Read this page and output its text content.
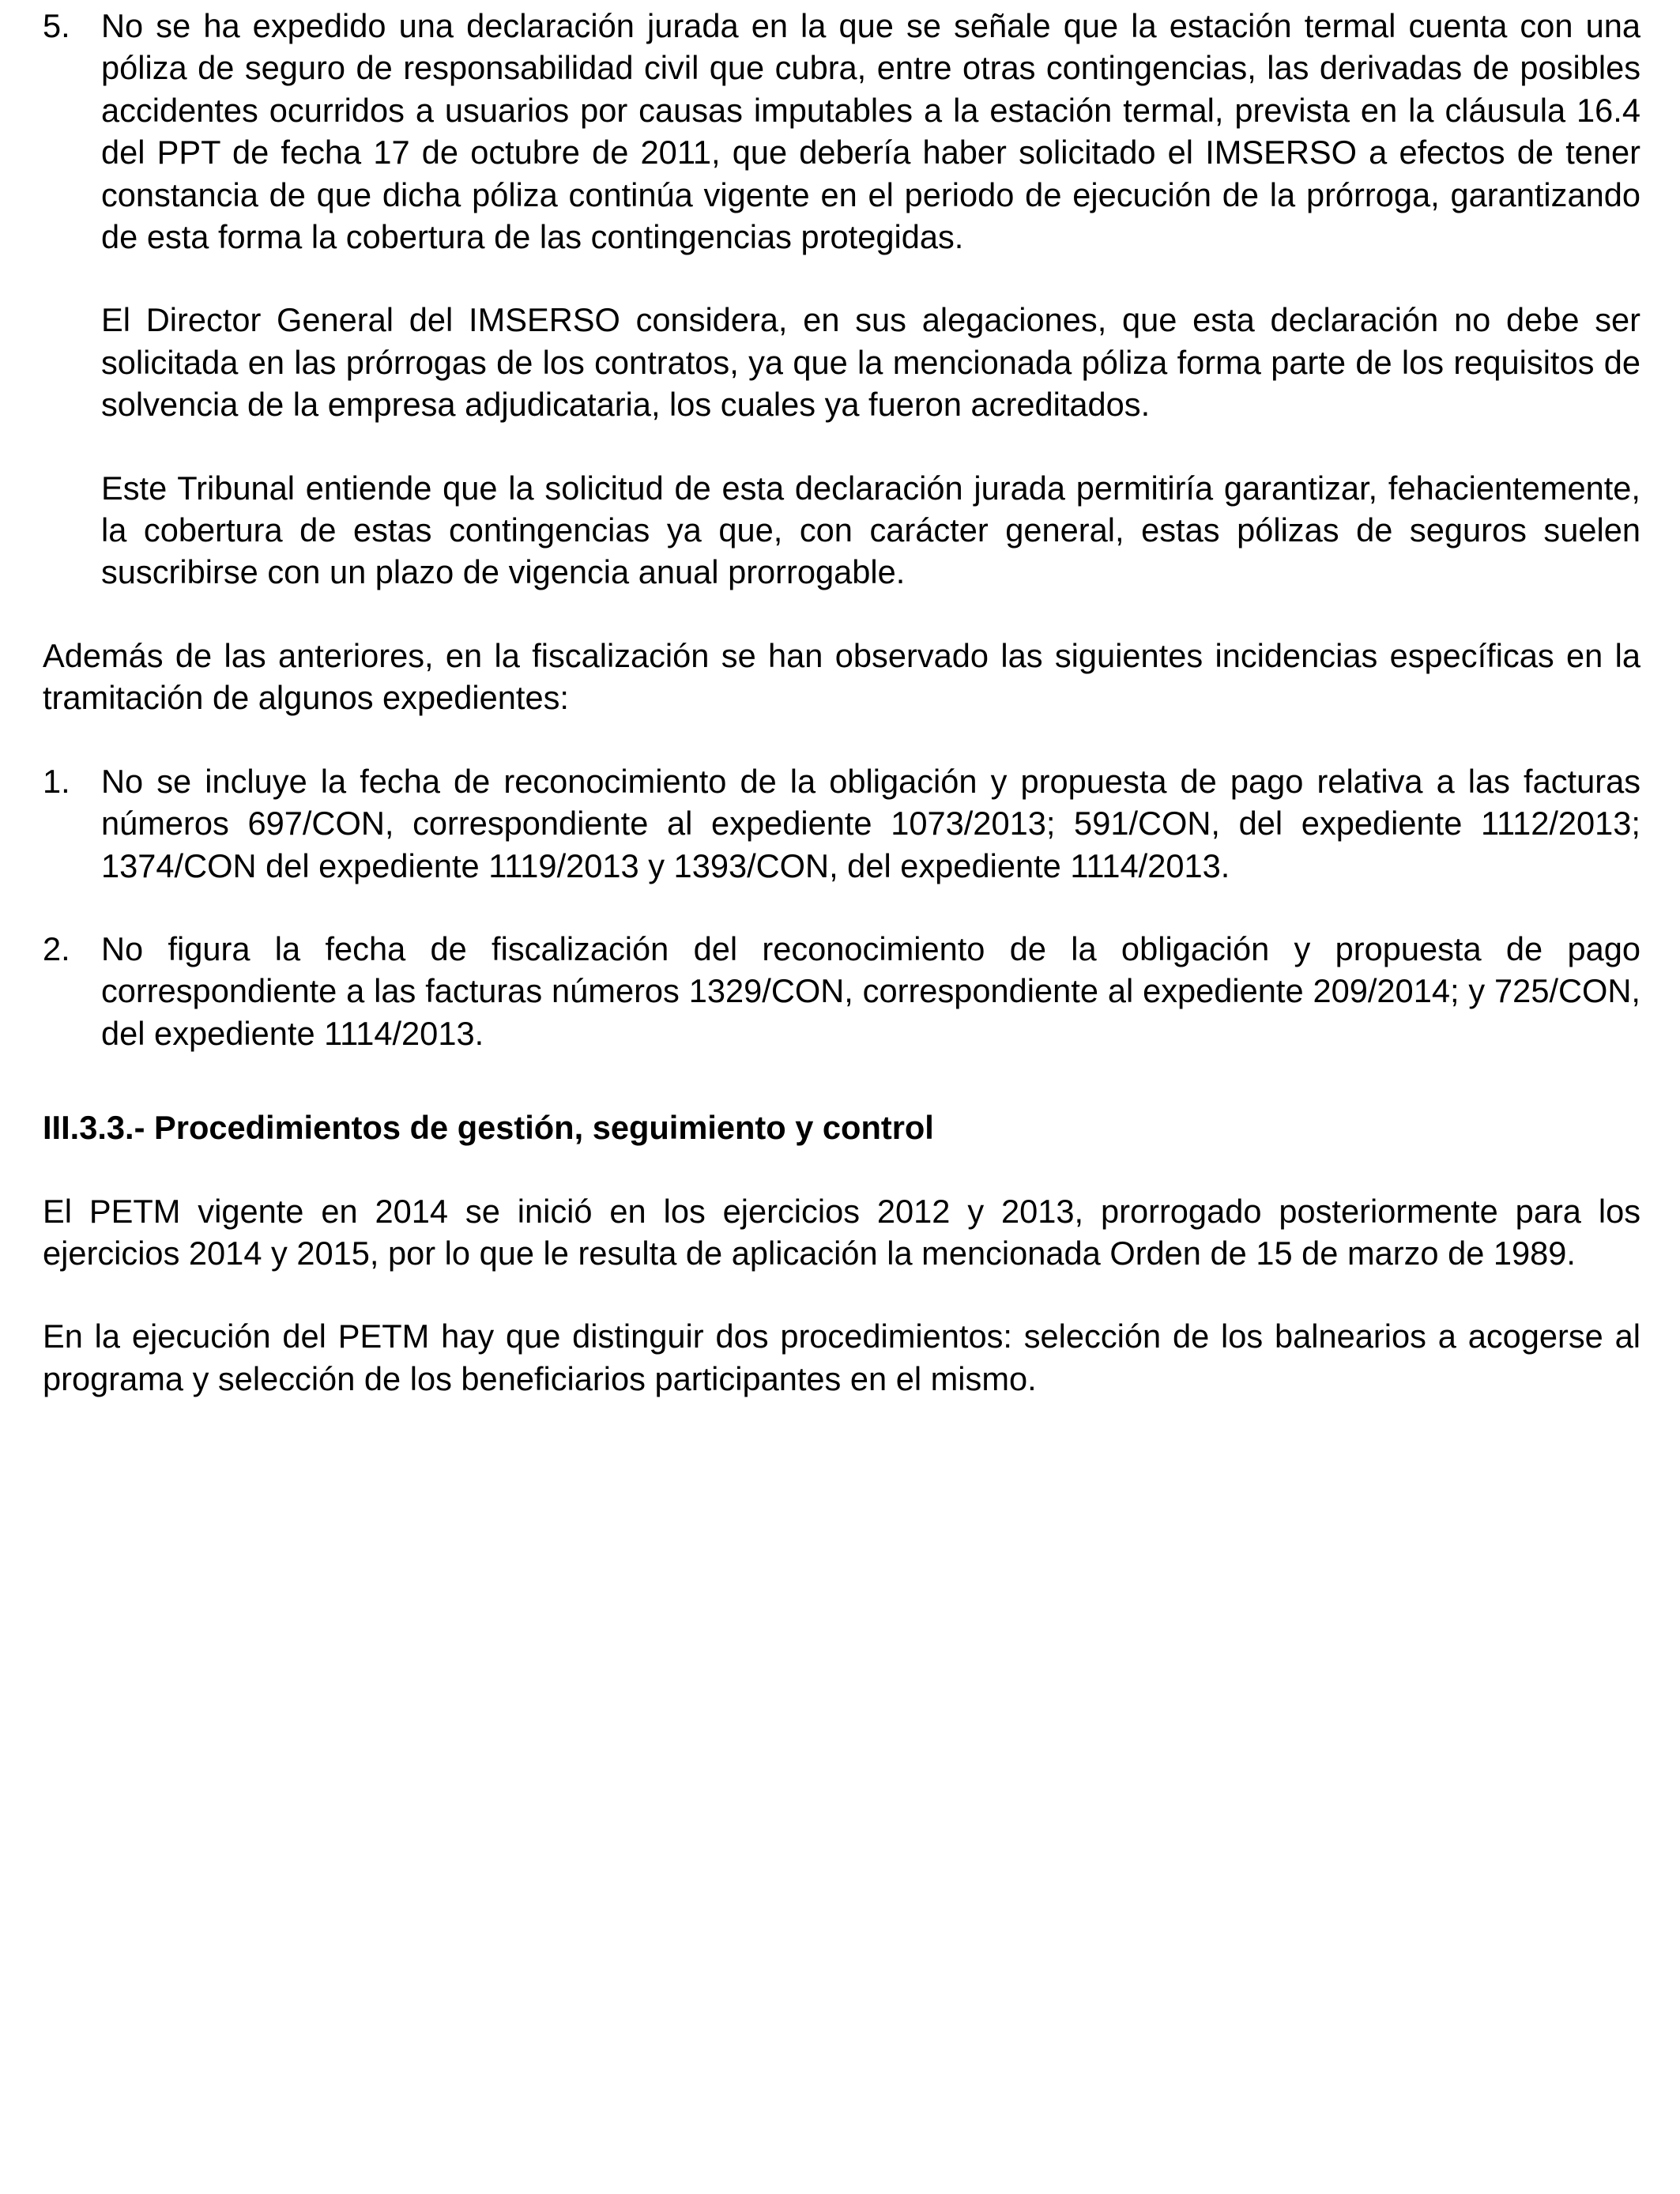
5. No se ha expedido una declaración jurada en la que se señale que la estación termal cuenta con una póliza de seguro de responsabilidad civil que cubra, entre otras contingencias, las derivadas de posibles accidentes ocurridos a usuarios por causas imputables a la estación termal, prevista en la cláusula 16.4 del PPT de fecha 17 de octubre de 2011, que debería haber solicitado el IMSERSO a efectos de tener constancia de que dicha póliza continúa vigente en el periodo de ejecución de la prórroga, garantizando de esta forma la cobertura de las contingencias protegidas.

El Director General del IMSERSO considera, en sus alegaciones, que esta declaración no debe ser solicitada en las prórrogas de los contratos, ya que la mencionada póliza forma parte de los requisitos de solvencia de la empresa adjudicataria, los cuales ya fueron acreditados.

Este Tribunal entiende que la solicitud de esta declaración jurada permitiría garantizar, fehacientemente, la cobertura de estas contingencias ya que, con carácter general, estas pólizas de seguros suelen suscribirse con un plazo de vigencia anual prorrogable.

Además de las anteriores, en la fiscalización se han observado las siguientes incidencias específicas en la tramitación de algunos expedientes:

1. No se incluye la fecha de reconocimiento de la obligación y propuesta de pago relativa a las facturas números 697/CON, correspondiente al expediente 1073/2013; 591/CON, del expediente 1112/2013; 1374/CON del expediente 1119/2013 y 1393/CON, del expediente 1114/2013.

2. No figura la fecha de fiscalización del reconocimiento de la obligación y propuesta de pago correspondiente a las facturas números 1329/CON, correspondiente al expediente 209/2014; y 725/CON, del expediente 1114/2013.

III.3.3.- Procedimientos de gestión, seguimiento y control

El PETM vigente en 2014 se inició en los ejercicios 2012 y 2013, prorrogado posteriormente para los ejercicios 2014 y 2015, por lo que le resulta de aplicación la mencionada Orden de 15 de marzo de 1989.

En la ejecución del PETM hay que distinguir dos procedimientos: selección de los balnearios a acogerse al programa y selección de los beneficiarios participantes en el mismo.
